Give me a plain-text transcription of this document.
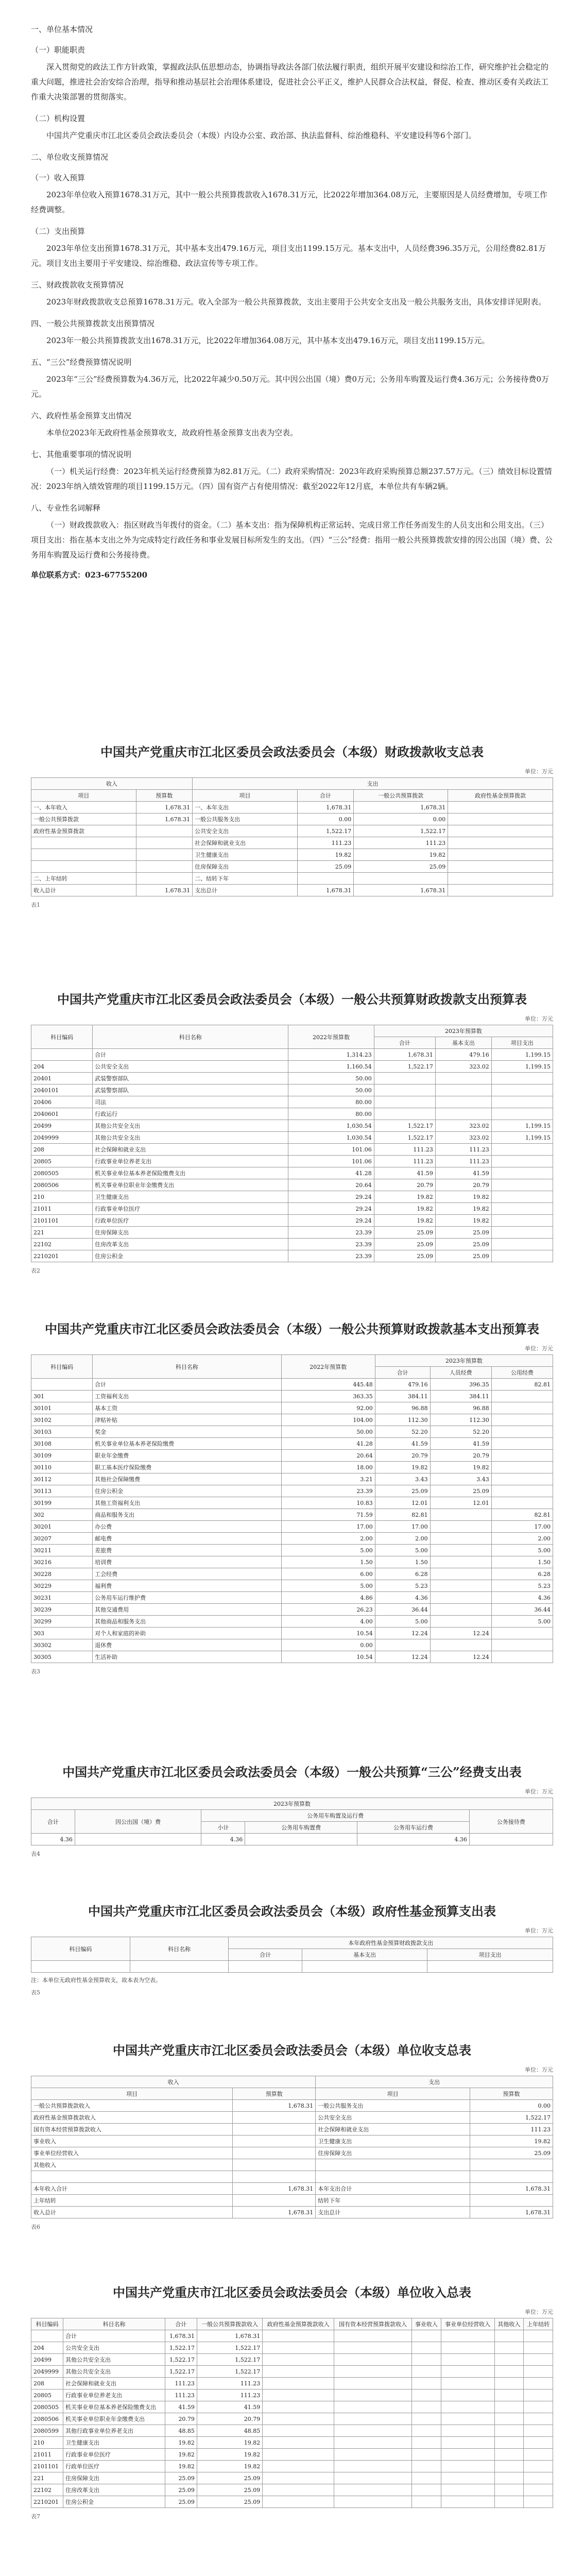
一、单位基本情况
（一）职能职责

深入贯彻党的政法工作方针政策，掌握政法队伍思想动态，协调指导政法各部门依法履行职责，组织开展平安建设和综治工作，研究维护社会稳定的重大问题，推进社会治安综合治理，指导和推动基层社会治理体系建设，促进社会公平正义，维护人民群众合法权益，督促、检查、推动区委有关政法工作重大决策部署的贯彻落实。

（二）机构设置

中国共产党重庆市江北区委员会政法委员会（本级）内设办公室、政治部、执法监督科、综治维稳科、平安建设科等6个部门。

二、单位收支预算情况
（一）收入预算

2023年单位收入预算1678.31万元，其中一般公共预算拨款收入1678.31万元，比2022年增加364.08万元，主要原因是人员经费增加，专项工作经费调整。

（二）支出预算

2023年单位支出预算1678.31万元，其中基本支出479.16万元，项目支出1199.15万元。基本支出中，人员经费396.35万元，公用经费82.81万元。项目支出主要用于平安建设、综治维稳、政法宣传等专项工作。

三、财政拨款收支预算情况

2023年财政拨款收支总预算1678.31万元。收入全部为一般公共预算拨款，支出主要用于公共安全支出及一般公共服务支出，具体安排详见附表。

四、一般公共预算拨款支出预算情况

2023年一般公共预算拨款支出1678.31万元，比2022年增加364.08万元，其中基本支出479.16万元，项目支出1199.15万元。

五、“三公”经费预算情况说明

2023年“三公”经费预算数为4.36万元，比2022年减少0.50万元。其中因公出国（境）费0万元；公务用车购置及运行费4.36万元；公务接待费0万元。

六、政府性基金预算支出情况

本单位2023年无政府性基金预算收支，故政府性基金预算支出表为空表。

七、其他重要事项的情况说明

（一）机关运行经费：2023年机关运行经费预算为82.81万元。（二）政府采购情况：2023年政府采购预算总额237.57万元。（三）绩效目标设置情况：2023年纳入绩效管理的项目1199.15万元。（四）国有资产占有使用情况：截至2022年12月底，本单位共有车辆2辆。

八、专业性名词解释

（一）财政拨款收入：指区财政当年拨付的资金。（二）基本支出：指为保障机构正常运转、完成日常工作任务而发生的人员支出和公用支出。（三）项目支出：指在基本支出之外为完成特定行政任务和事业发展目标所发生的支出。（四）“三公”经费：指用一般公共预算拨款安排的因公出国（境）费、公务用车购置及运行费和公务接待费。

单位联系方式：023-67755200

中国共产党重庆市江北区委员会政法委员会（本级）财政拨款收支总表
单位：万元
收入		支出			
项目	预算数	项目	合计	一般公共预算拨款	政府性基金预算拨款
一、本年收入	1,678.31	一、本年支出	1,678.31	1,678.31	
一般公共预算拨款	1,678.31	一般公共服务支出	0.00	0.00	
政府性基金预算拨款		公共安全支出	1,522.17	1,522.17	
		社会保障和就业支出	111.23	111.23	
		卫生健康支出	19.82	19.82	
		住房保障支出	25.09	25.09	
二、上年结转		二、结转下年			
收入总计	1,678.31	支出总计	1,678.31	1,678.31	
表1
中国共产党重庆市江北区委员会政法委员会（本级）一般公共预算财政拨款支出预算表
单位：万元
科目编码	科目名称	2022年预算数	2023年预算数		
			合计	基本支出	项目支出
	合计	1,314.23	1,678.31	479.16	1,199.15
204	公共安全支出	1,160.54	1,522.17	323.02	1,199.15
20401	武装警察部队	50.00			
2040101	武装警察部队	50.00			
20406	司法	80.00			
2040601	行政运行	80.00			
20499	其他公共安全支出	1,030.54	1,522.17	323.02	1,199.15
2049999	其他公共安全支出	1,030.54	1,522.17	323.02	1,199.15
208	社会保障和就业支出	101.06	111.23	111.23	
20805	行政事业单位养老支出	101.06	111.23	111.23	
2080505	机关事业单位基本养老保险缴费支出	41.28	41.59	41.59	
2080506	机关事业单位职业年金缴费支出	20.64	20.79	20.79	
210	卫生健康支出	29.24	19.82	19.82	
21011	行政事业单位医疗	29.24	19.82	19.82	
2101101	行政单位医疗	29.24	19.82	19.82	
221	住房保障支出	23.39	25.09	25.09	
22102	住房改革支出	23.39	25.09	25.09	
2210201	住房公积金	23.39	25.09	25.09	
表2
中国共产党重庆市江北区委员会政法委员会（本级）一般公共预算财政拨款基本支出预算表
单位：万元
科目编码	科目名称	2022年预算数	2023年预算数		
			合计	人员经费	公用经费
	合计	445.48	479.16	396.35	82.81
301	工资福利支出	363.35	384.11	384.11	
30101	基本工资	92.00	96.88	96.88	
30102	津贴补贴	104.00	112.30	112.30	
30103	奖金	50.00	52.20	52.20	
30108	机关事业单位基本养老保险缴费	41.28	41.59	41.59	
30109	职业年金缴费	20.64	20.79	20.79	
30110	职工基本医疗保险缴费	18.00	19.82	19.82	
30112	其他社会保障缴费	3.21	3.43	3.43	
30113	住房公积金	23.39	25.09	25.09	
30199	其他工资福利支出	10.83	12.01	12.01	
302	商品和服务支出	71.59	82.81		82.81
30201	办公费	17.00	17.00		17.00
30207	邮电费	2.00	2.00		2.00
30211	差旅费	5.00	5.00		5.00
30216	培训费	1.50	1.50		1.50
30228	工会经费	6.00	6.28		6.28
30229	福利费	5.00	5.23		5.23
30231	公务用车运行维护费	4.86	4.36		4.36
30239	其他交通费用	26.23	36.44		36.44
30299	其他商品和服务支出	4.00	5.00		5.00
303	对个人和家庭的补助	10.54	12.24	12.24	
30302	退休费	0.00			
30305	生活补助	10.54	12.24	12.24	
表3
中国共产党重庆市江北区委员会政法委员会（本级）一般公共预算“三公”经费支出表
单位：万元
2023年预算数					
合计	因公出国（境）费	公务用车购置及运行费			公务接待费
		小计	公务用车购置费	公务用车运行费	
4.36		4.36		4.36	
表4
中国共产党重庆市江北区委员会政法委员会（本级）政府性基金预算支出表
单位：万元
科目编码	科目名称	本年政府性基金预算财政拨款支出		
		合计	基本支出	项目支出

注：本单位无政府性基金预算收支，故本表为空表。
表5
中国共产党重庆市江北区委员会政法委员会（本级）单位收支总表
单位：万元
收入		支出	
项目	预算数	项目	预算数
一般公共预算拨款收入	1,678.31	一般公共服务支出	0.00
政府性基金预算拨款收入		公共安全支出	1,522.17
国有资本经营预算拨款收入		社会保障和就业支出	111.23
事业收入		卫生健康支出	19.82
事业单位经营收入		住房保障支出	25.09
其他收入			

本年收入合计	1,678.31	本年支出合计	1,678.31
上年结转		结转下年	
收入总计	1,678.31	支出总计	1,678.31
表6
中国共产党重庆市江北区委员会政法委员会（本级）单位收入总表
单位：万元
科目编码	科目名称	合计	一般公共预算拨款收入	政府性基金预算拨款收入	国有资本经营预算拨款收入	事业收入	事业单位经营收入	其他收入	上年结转
	合计	1,678.31	1,678.31						
204	公共安全支出	1,522.17	1,522.17						
20499	其他公共安全支出	1,522.17	1,522.17						
2049999	其他公共安全支出	1,522.17	1,522.17						
208	社会保障和就业支出	111.23	111.23						
20805	行政事业单位养老支出	111.23	111.23						
2080505	机关事业单位基本养老保险缴费支出	41.59	41.59						
2080506	机关事业单位职业年金缴费支出	20.79	20.79						
2080599	其他行政事业单位养老支出	48.85	48.85						
210	卫生健康支出	19.82	19.82						
21011	行政事业单位医疗	19.82	19.82						
2101101	行政单位医疗	19.82	19.82						
221	住房保障支出	25.09	25.09						
22102	住房改革支出	25.09	25.09						
2210201	住房公积金	25.09	25.09						
表7
